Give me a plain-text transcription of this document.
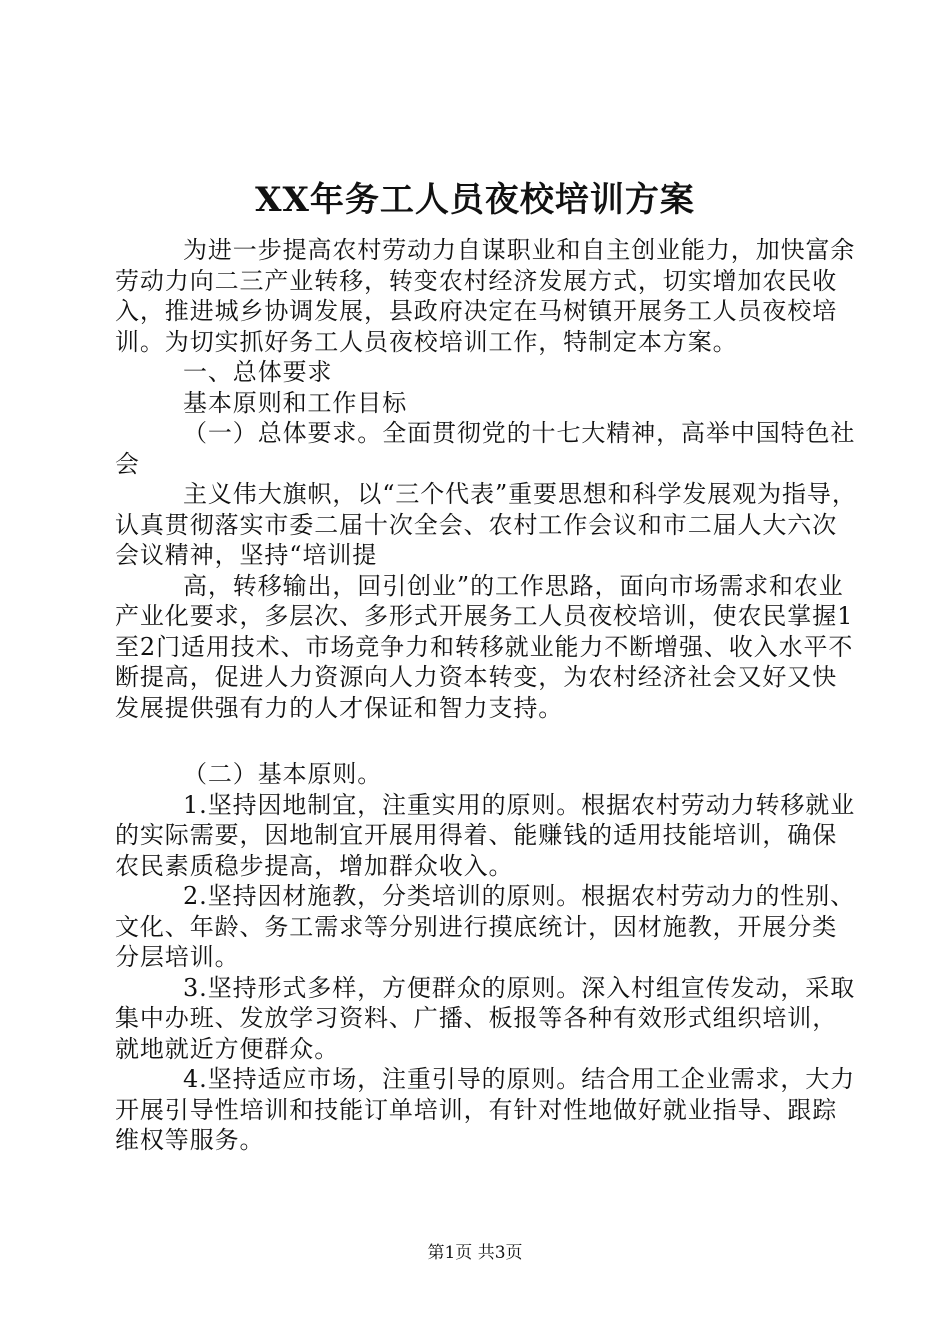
XX年务工人员夜校培训方案

为进一步提高农村劳动力自谋职业和自主创业能力，加快富余劳动力向二三产业转移，转变农村经济发展方式，切实增加农民收入，推进城乡协调发展，县政府决定在马树镇开展务工人员夜校培训。为切实抓好务工人员夜校培训工作，特制定本方案。

一、总体要求

基本原则和工作目标

（一）总体要求。全面贯彻党的十七大精神，高举中国特色社会

主义伟大旗帜，以“三个代表”重要思想和科学发展观为指导，认真贯彻落实市委二届十次全会、农村工作会议和市二届人大六次会议精神，坚持“培训提

高，转移输出，回引创业”的工作思路，面向市场需求和农业产业化要求，多层次、多形式开展务工人员夜校培训，使农民掌握1至2门适用技术、市场竞争力和转移就业能力不断增强、收入水平不断提高，促进人力资源向人力资本转变，为农村经济社会又好又快发展提供强有力的人才保证和智力支持。

（二）基本原则。

1.坚持因地制宜，注重实用的原则。根据农村劳动力转移就业的实际需要，因地制宜开展用得着、能赚钱的适用技能培训，确保农民素质稳步提高，增加群众收入。

2.坚持因材施教，分类培训的原则。根据农村劳动力的性别、文化、年龄、务工需求等分别进行摸底统计，因材施教，开展分类分层培训。

3.坚持形式多样，方便群众的原则。深入村组宣传发动，采取集中办班、发放学习资料、广播、板报等各种有效形式组织培训，就地就近方便群众。

4.坚持适应市场，注重引导的原则。结合用工企业需求，大力开展引导性培训和技能订单培训，有针对性地做好就业指导、跟踪维权等服务。

第1页 共3页
